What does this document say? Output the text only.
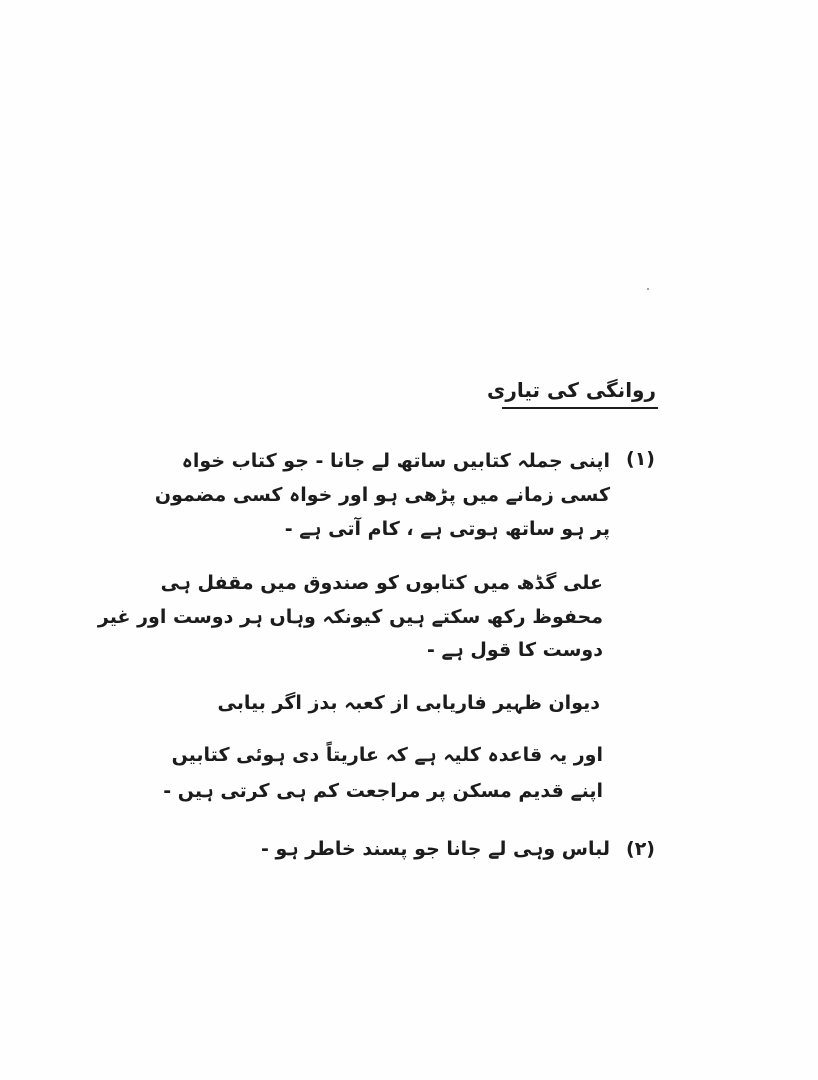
روانگی کی تیاری
(۱)
اپنی جملہ کتابیں ساتھ لے جانا - جو کتاب خواہ
کسی زمانے میں پڑھی ہو اور خواہ کسی مضمون
پر ہو ساتھ ہوتی ہے ، کام آتی ہے -
علی گڈھ میں کتابوں کو صندوق میں مقفل ہی
محفوظ رکھ سکتے ہیں کیونکہ وہاں ہر دوست اور غیر
دوست کا قول ہے -
دیوان ظہیر فاریابی از کعبہ بدز اگر بیابی
اور یہ قاعدہ کلیہ ہے کہ عاریتاً دی ہوئی کتابیں
اپنے قدیم مسکن پر مراجعت کم ہی کرتی ہیں -
(۲)
لباس وہی لے جانا جو پسند خاطر ہو -
